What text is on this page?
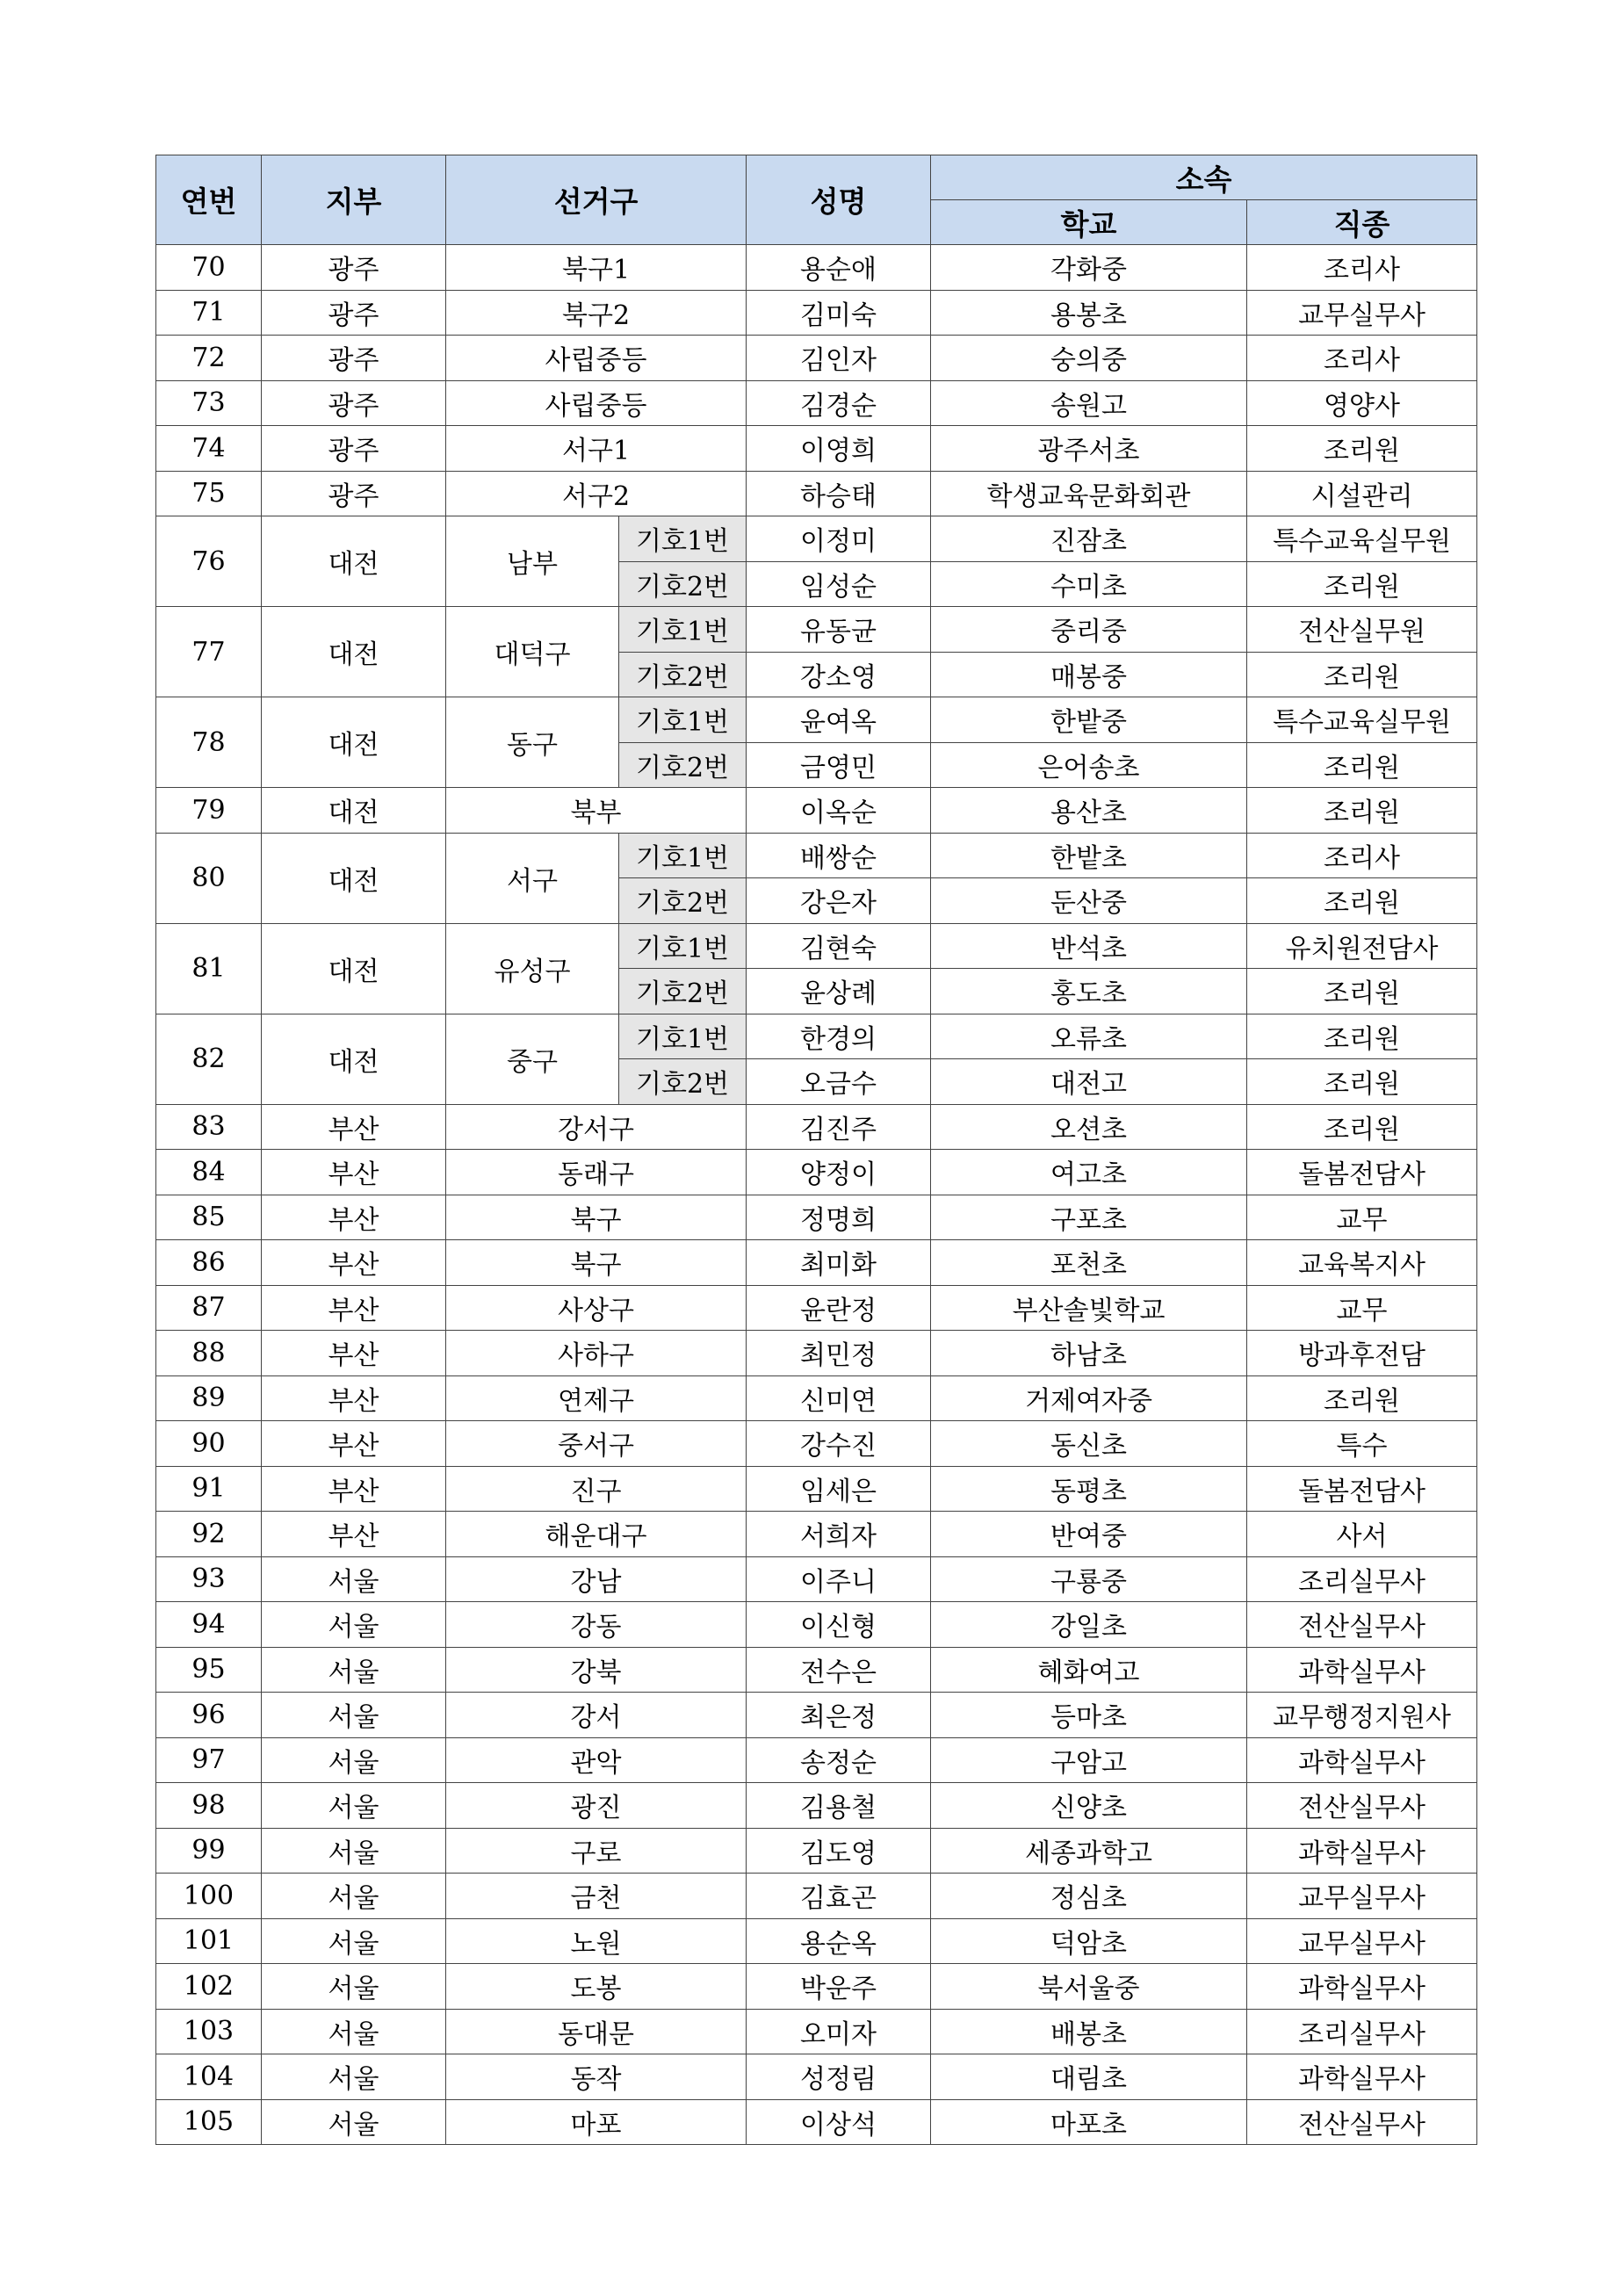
연번	지부	선거구		성명	소속	
					학교	직종
70	광주	북구1		용순애	각화중	조리사
71	광주	북구2		김미숙	용봉초	교무실무사
72	광주	사립중등		김인자	숭의중	조리사
73	광주	사립중등		김경순	송원고	영양사
74	광주	서구1		이영희	광주서초	조리원
75	광주	서구2		하승태	학생교육문화회관	시설관리
76	대전	남부	기호1번	이정미	진잠초	특수교육실무원
			기호2번	임성순	수미초	조리원
77	대전	대덕구	기호1번	유동균	중리중	전산실무원
			기호2번	강소영	매봉중	조리원
78	대전	동구	기호1번	윤여옥	한밭중	특수교육실무원
			기호2번	금영민	은어송초	조리원
79	대전	북부		이옥순	용산초	조리원
80	대전	서구	기호1번	배쌍순	한밭초	조리사
			기호2번	강은자	둔산중	조리원
81	대전	유성구	기호1번	김현숙	반석초	유치원전담사
			기호2번	윤상례	홍도초	조리원
82	대전	중구	기호1번	한경의	오류초	조리원
			기호2번	오금수	대전고	조리원
83	부산	강서구		김진주	오션초	조리원
84	부산	동래구		양정이	여고초	돌봄전담사
85	부산	북구		정명희	구포초	교무
86	부산	북구		최미화	포천초	교육복지사
87	부산	사상구		윤란정	부산솔빛학교	교무
88	부산	사하구		최민정	하남초	방과후전담
89	부산	연제구		신미연	거제여자중	조리원
90	부산	중서구		강수진	동신초	특수
91	부산	진구		임세은	동평초	돌봄전담사
92	부산	해운대구		서희자	반여중	사서
93	서울	강남		이주니	구룡중	조리실무사
94	서울	강동		이신형	강일초	전산실무사
95	서울	강북		전수은	혜화여고	과학실무사
96	서울	강서		최은정	등마초	교무행정지원사
97	서울	관악		송정순	구암고	과학실무사
98	서울	광진		김용철	신양초	전산실무사
99	서울	구로		김도영	세종과학고	과학실무사
100	서울	금천		김효곤	정심초	교무실무사
101	서울	노원		용순옥	덕암초	교무실무사
102	서울	도봉		박운주	북서울중	과학실무사
103	서울	동대문		오미자	배봉초	조리실무사
104	서울	동작		성정림	대림초	과학실무사
105	서울	마포		이상석	마포초	전산실무사
